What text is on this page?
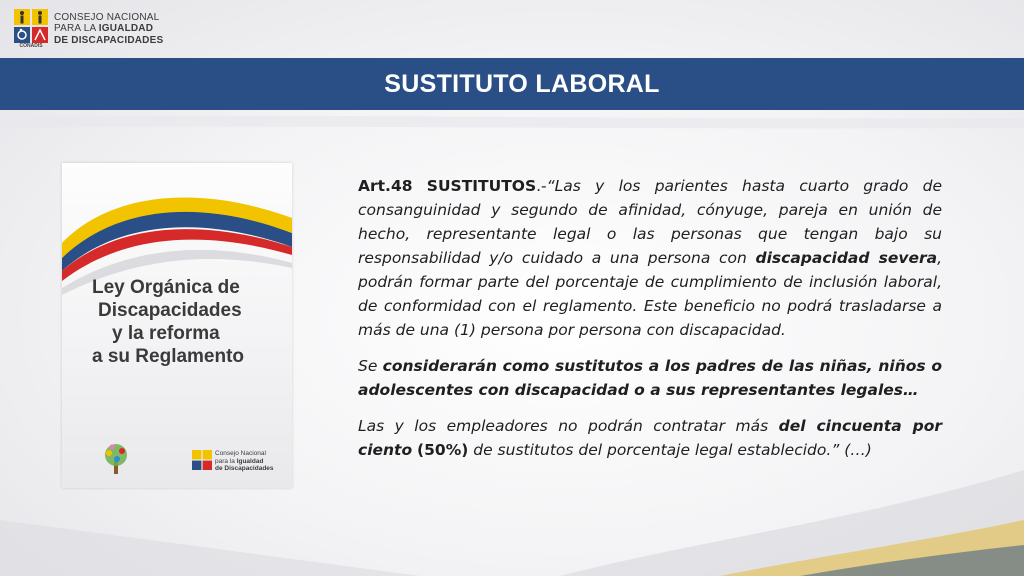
CONADIS
CONSEJO NACIONAL
PARA LA IGUALDAD
DE DISCAPACIDADES
SUSTITUTO LABORAL
Ley Orgánica de
Discapacidades
y la reforma
a su Reglamento
Consejo Nacional
para la Igualdad
de Discapacidades

Art.48 SUSTITUTOS.-“Las y los parientes hasta cuarto grado de consanguinidad y segundo de afinidad, cónyuge, pareja en unión de hecho, representante legal o las personas que tengan bajo su responsabilidad y/o cuidado a una persona con discapacidad severa, podrán formar parte del porcentaje de cumplimiento de inclusión laboral, de conformidad con el reglamento. Este beneficio no podrá trasladarse a más de una (1) persona por persona con discapacidad.

Se considerarán como sustitutos a los padres de las niñas, niños o adolescentes con discapacidad o a sus representantes legales…

Las y los empleadores no podrán contratar más del cincuenta por ciento (50%) de sustitutos del porcentaje legal establecido.” (…)
